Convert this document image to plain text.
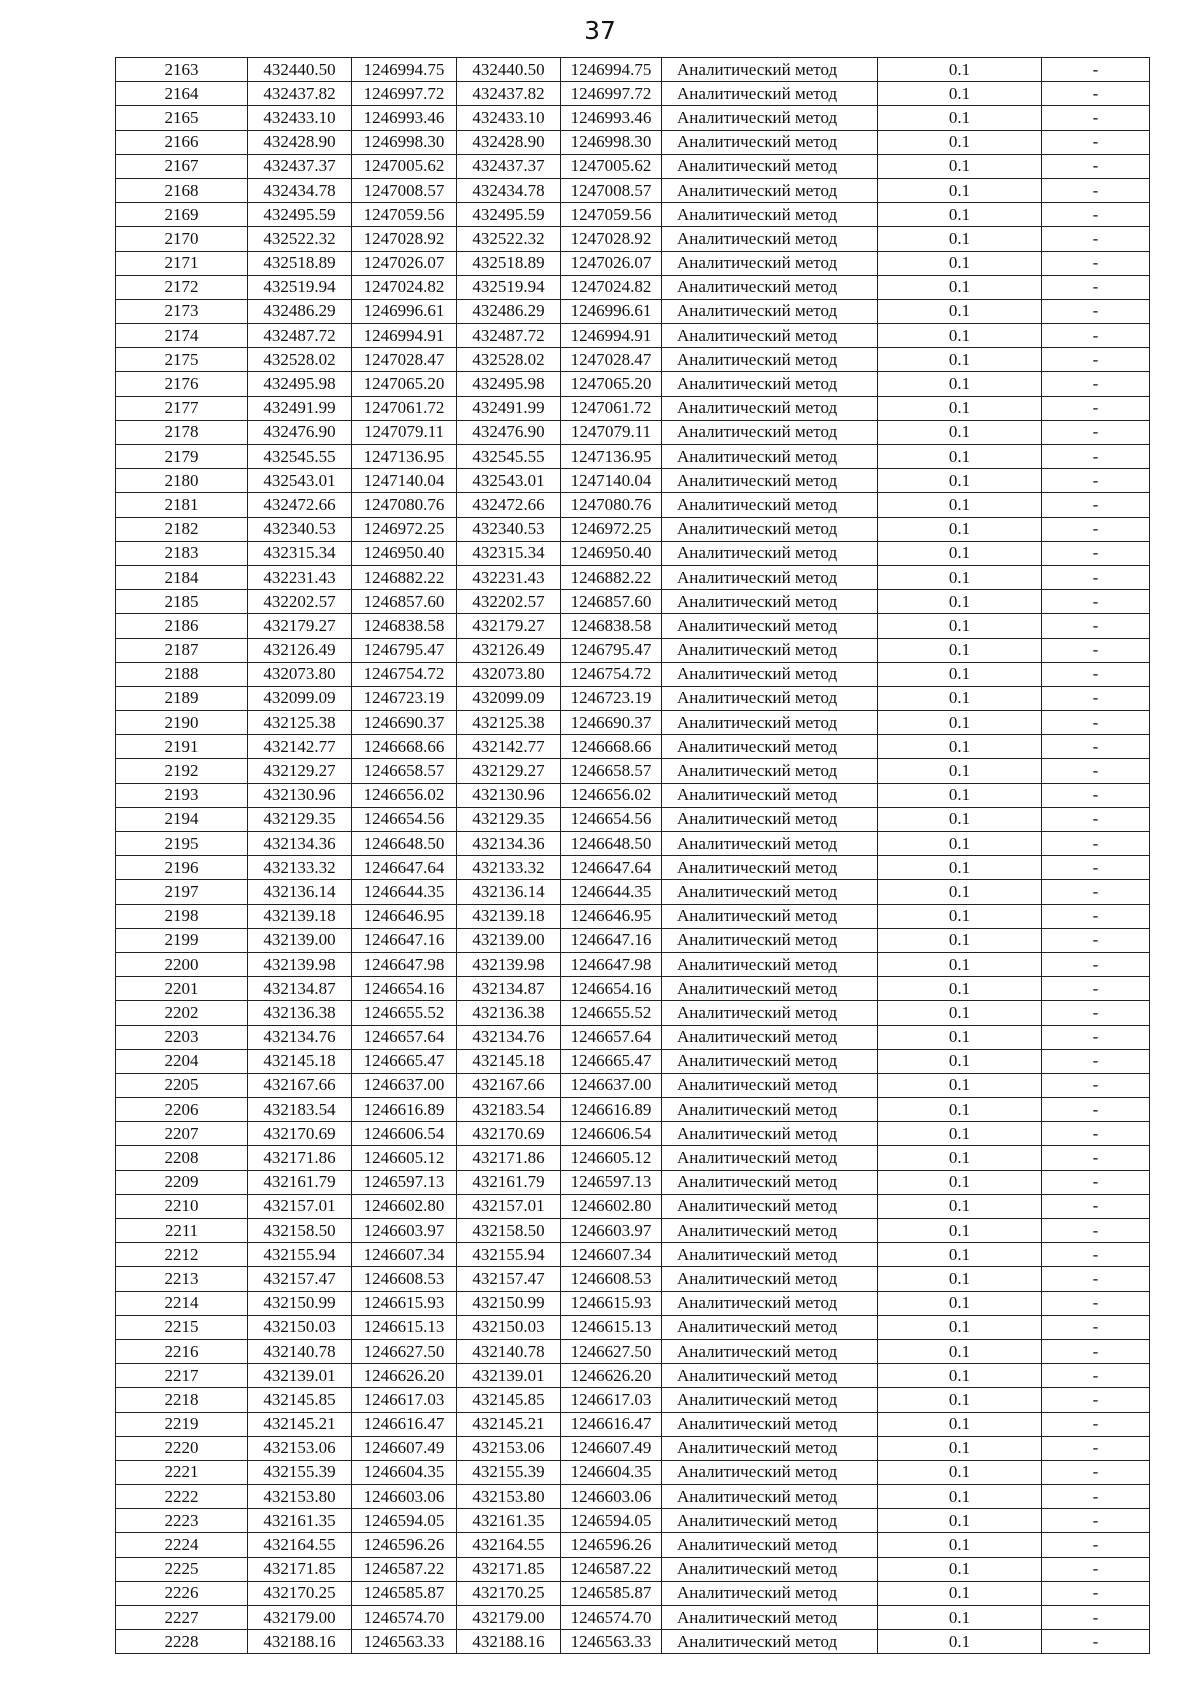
37
2163	432440.50	1246994.75	432440.50	1246994.75	Аналитический метод	0.1	-
2164	432437.82	1246997.72	432437.82	1246997.72	Аналитический метод	0.1	-
2165	432433.10	1246993.46	432433.10	1246993.46	Аналитический метод	0.1	-
2166	432428.90	1246998.30	432428.90	1246998.30	Аналитический метод	0.1	-
2167	432437.37	1247005.62	432437.37	1247005.62	Аналитический метод	0.1	-
2168	432434.78	1247008.57	432434.78	1247008.57	Аналитический метод	0.1	-
2169	432495.59	1247059.56	432495.59	1247059.56	Аналитический метод	0.1	-
2170	432522.32	1247028.92	432522.32	1247028.92	Аналитический метод	0.1	-
2171	432518.89	1247026.07	432518.89	1247026.07	Аналитический метод	0.1	-
2172	432519.94	1247024.82	432519.94	1247024.82	Аналитический метод	0.1	-
2173	432486.29	1246996.61	432486.29	1246996.61	Аналитический метод	0.1	-
2174	432487.72	1246994.91	432487.72	1246994.91	Аналитический метод	0.1	-
2175	432528.02	1247028.47	432528.02	1247028.47	Аналитический метод	0.1	-
2176	432495.98	1247065.20	432495.98	1247065.20	Аналитический метод	0.1	-
2177	432491.99	1247061.72	432491.99	1247061.72	Аналитический метод	0.1	-
2178	432476.90	1247079.11	432476.90	1247079.11	Аналитический метод	0.1	-
2179	432545.55	1247136.95	432545.55	1247136.95	Аналитический метод	0.1	-
2180	432543.01	1247140.04	432543.01	1247140.04	Аналитический метод	0.1	-
2181	432472.66	1247080.76	432472.66	1247080.76	Аналитический метод	0.1	-
2182	432340.53	1246972.25	432340.53	1246972.25	Аналитический метод	0.1	-
2183	432315.34	1246950.40	432315.34	1246950.40	Аналитический метод	0.1	-
2184	432231.43	1246882.22	432231.43	1246882.22	Аналитический метод	0.1	-
2185	432202.57	1246857.60	432202.57	1246857.60	Аналитический метод	0.1	-
2186	432179.27	1246838.58	432179.27	1246838.58	Аналитический метод	0.1	-
2187	432126.49	1246795.47	432126.49	1246795.47	Аналитический метод	0.1	-
2188	432073.80	1246754.72	432073.80	1246754.72	Аналитический метод	0.1	-
2189	432099.09	1246723.19	432099.09	1246723.19	Аналитический метод	0.1	-
2190	432125.38	1246690.37	432125.38	1246690.37	Аналитический метод	0.1	-
2191	432142.77	1246668.66	432142.77	1246668.66	Аналитический метод	0.1	-
2192	432129.27	1246658.57	432129.27	1246658.57	Аналитический метод	0.1	-
2193	432130.96	1246656.02	432130.96	1246656.02	Аналитический метод	0.1	-
2194	432129.35	1246654.56	432129.35	1246654.56	Аналитический метод	0.1	-
2195	432134.36	1246648.50	432134.36	1246648.50	Аналитический метод	0.1	-
2196	432133.32	1246647.64	432133.32	1246647.64	Аналитический метод	0.1	-
2197	432136.14	1246644.35	432136.14	1246644.35	Аналитический метод	0.1	-
2198	432139.18	1246646.95	432139.18	1246646.95	Аналитический метод	0.1	-
2199	432139.00	1246647.16	432139.00	1246647.16	Аналитический метод	0.1	-
2200	432139.98	1246647.98	432139.98	1246647.98	Аналитический метод	0.1	-
2201	432134.87	1246654.16	432134.87	1246654.16	Аналитический метод	0.1	-
2202	432136.38	1246655.52	432136.38	1246655.52	Аналитический метод	0.1	-
2203	432134.76	1246657.64	432134.76	1246657.64	Аналитический метод	0.1	-
2204	432145.18	1246665.47	432145.18	1246665.47	Аналитический метод	0.1	-
2205	432167.66	1246637.00	432167.66	1246637.00	Аналитический метод	0.1	-
2206	432183.54	1246616.89	432183.54	1246616.89	Аналитический метод	0.1	-
2207	432170.69	1246606.54	432170.69	1246606.54	Аналитический метод	0.1	-
2208	432171.86	1246605.12	432171.86	1246605.12	Аналитический метод	0.1	-
2209	432161.79	1246597.13	432161.79	1246597.13	Аналитический метод	0.1	-
2210	432157.01	1246602.80	432157.01	1246602.80	Аналитический метод	0.1	-
2211	432158.50	1246603.97	432158.50	1246603.97	Аналитический метод	0.1	-
2212	432155.94	1246607.34	432155.94	1246607.34	Аналитический метод	0.1	-
2213	432157.47	1246608.53	432157.47	1246608.53	Аналитический метод	0.1	-
2214	432150.99	1246615.93	432150.99	1246615.93	Аналитический метод	0.1	-
2215	432150.03	1246615.13	432150.03	1246615.13	Аналитический метод	0.1	-
2216	432140.78	1246627.50	432140.78	1246627.50	Аналитический метод	0.1	-
2217	432139.01	1246626.20	432139.01	1246626.20	Аналитический метод	0.1	-
2218	432145.85	1246617.03	432145.85	1246617.03	Аналитический метод	0.1	-
2219	432145.21	1246616.47	432145.21	1246616.47	Аналитический метод	0.1	-
2220	432153.06	1246607.49	432153.06	1246607.49	Аналитический метод	0.1	-
2221	432155.39	1246604.35	432155.39	1246604.35	Аналитический метод	0.1	-
2222	432153.80	1246603.06	432153.80	1246603.06	Аналитический метод	0.1	-
2223	432161.35	1246594.05	432161.35	1246594.05	Аналитический метод	0.1	-
2224	432164.55	1246596.26	432164.55	1246596.26	Аналитический метод	0.1	-
2225	432171.85	1246587.22	432171.85	1246587.22	Аналитический метод	0.1	-
2226	432170.25	1246585.87	432170.25	1246585.87	Аналитический метод	0.1	-
2227	432179.00	1246574.70	432179.00	1246574.70	Аналитический метод	0.1	-
2228	432188.16	1246563.33	432188.16	1246563.33	Аналитический метод	0.1	-
